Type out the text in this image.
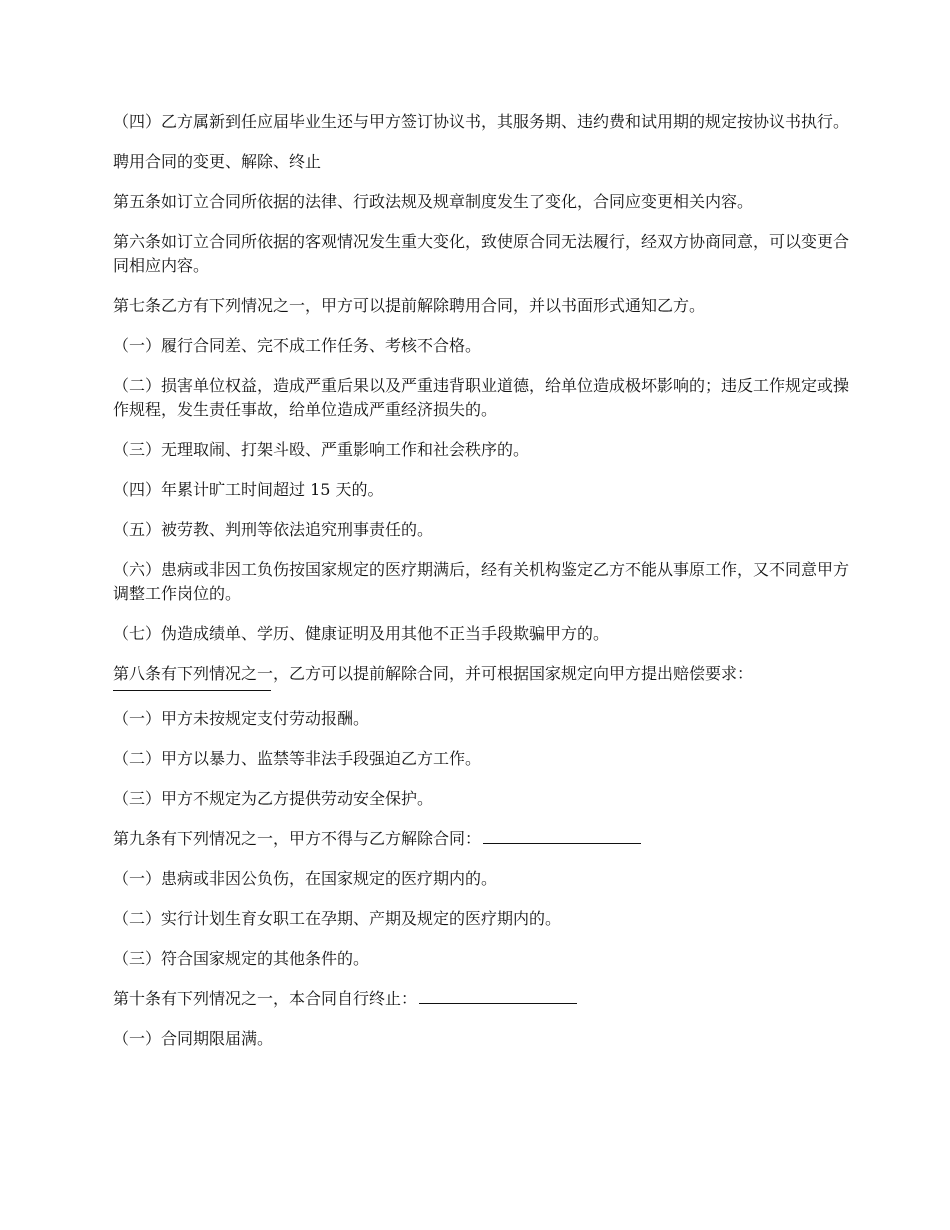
（四）乙方属新到任应届毕业生还与甲方签订协议书，其服务期、违约费和试用期的规定按协议书执行。

聘用合同的变更、解除、终止

第五条如订立合同所依据的法律、行政法规及规章制度发生了变化，合同应变更相关内容。

第六条如订立合同所依据的客观情况发生重大变化，致使原合同无法履行，经双方协商同意，可以变更合同相应内容。

第七条乙方有下列情况之一，甲方可以提前解除聘用合同，并以书面形式通知乙方。

（一）履行合同差、完不成工作任务、考核不合格。

（二）损害单位权益，造成严重后果以及严重违背职业道德，给单位造成极坏影响的；违反工作规定或操作规程，发生责任事故，给单位造成严重经济损失的。

（三）无理取闹、打架斗殴、严重影响工作和社会秩序的。

（四）年累计旷工时间超过 15 天的。

（五）被劳教、判刑等依法追究刑事责任的。

（六）患病或非因工负伤按国家规定的医疗期满后，经有关机构鉴定乙方不能从事原工作，又不同意甲方调整工作岗位的。

（七）伪造成绩单、学历、健康证明及用其他不正当手段欺骗甲方的。

第八条有下列情况之一，乙方可以提前解除合同，并可根据国家规定向甲方提出赔偿要求：

（一）甲方未按规定支付劳动报酬。

（二）甲方以暴力、监禁等非法手段强迫乙方工作。

（三）甲方不规定为乙方提供劳动安全保护。

第九条有下列情况之一，甲方不得与乙方解除合同：

（一）患病或非因公负伤，在国家规定的医疗期内的。

（二）实行计划生育女职工在孕期、产期及规定的医疗期内的。

（三）符合国家规定的其他条件的。

第十条有下列情况之一，本合同自行终止：

（一）合同期限届满。
